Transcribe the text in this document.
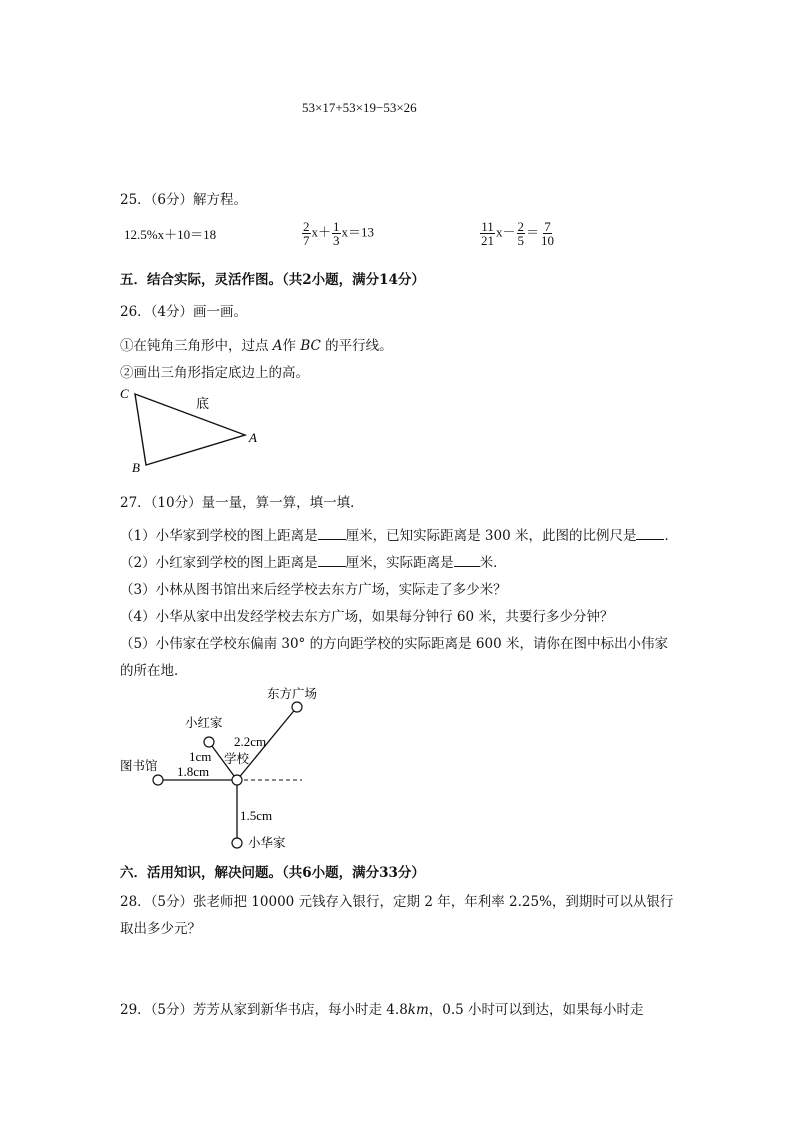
53×17+53×19−53×26
25．（6分）解方程。
12.5%x＋10＝18	$\frac{2}{7} x+ \frac{1}{3} x=13$	$\frac{11}{21} x- \frac{2}{5} = \frac{7}{10}$
五．结合实际，灵活作图。（共2小题，满分14分）
26．（4分）画一画。
①在钝角三角形中，过点 A作 BC 的平行线。
②画出三角形指定底边上的高。
C
B
A
底
27．（10分）量一量，算一算，填一填．
（1）小华家到学校的图上距离是 厘米，已知实际距离是 300 米，此图的比例尺是 ．
（2）小红家到学校的图上距离是 厘米，实际距离是 米．
（3）小林从图书馆出来后经学校去东方广场，实际走了多少米？
（4）小华从家中出发经学校去东方广场，如果每分钟行 60 米，共要行多少分钟？
（5）小伟家在学校东偏南 30° 的方向距学校的实际距离是 600 米，请你在图中标出小伟家
的所在地．
东方广场
小红家
2.2cm
1cm 学校
图书馆 1.8cm
1.5cm
小华家
六．活用知识，解决问题。（共6小题，满分33分）
28．（5分）张老师把 10000 元钱存入银行，定期 2 年，年利率 2.25%，到期时可以从银行
取出多少元？
29．（5分）芳芳从家到新华书店，每小时走 4.8km，0.5 小时可以到达，如果每小时走
